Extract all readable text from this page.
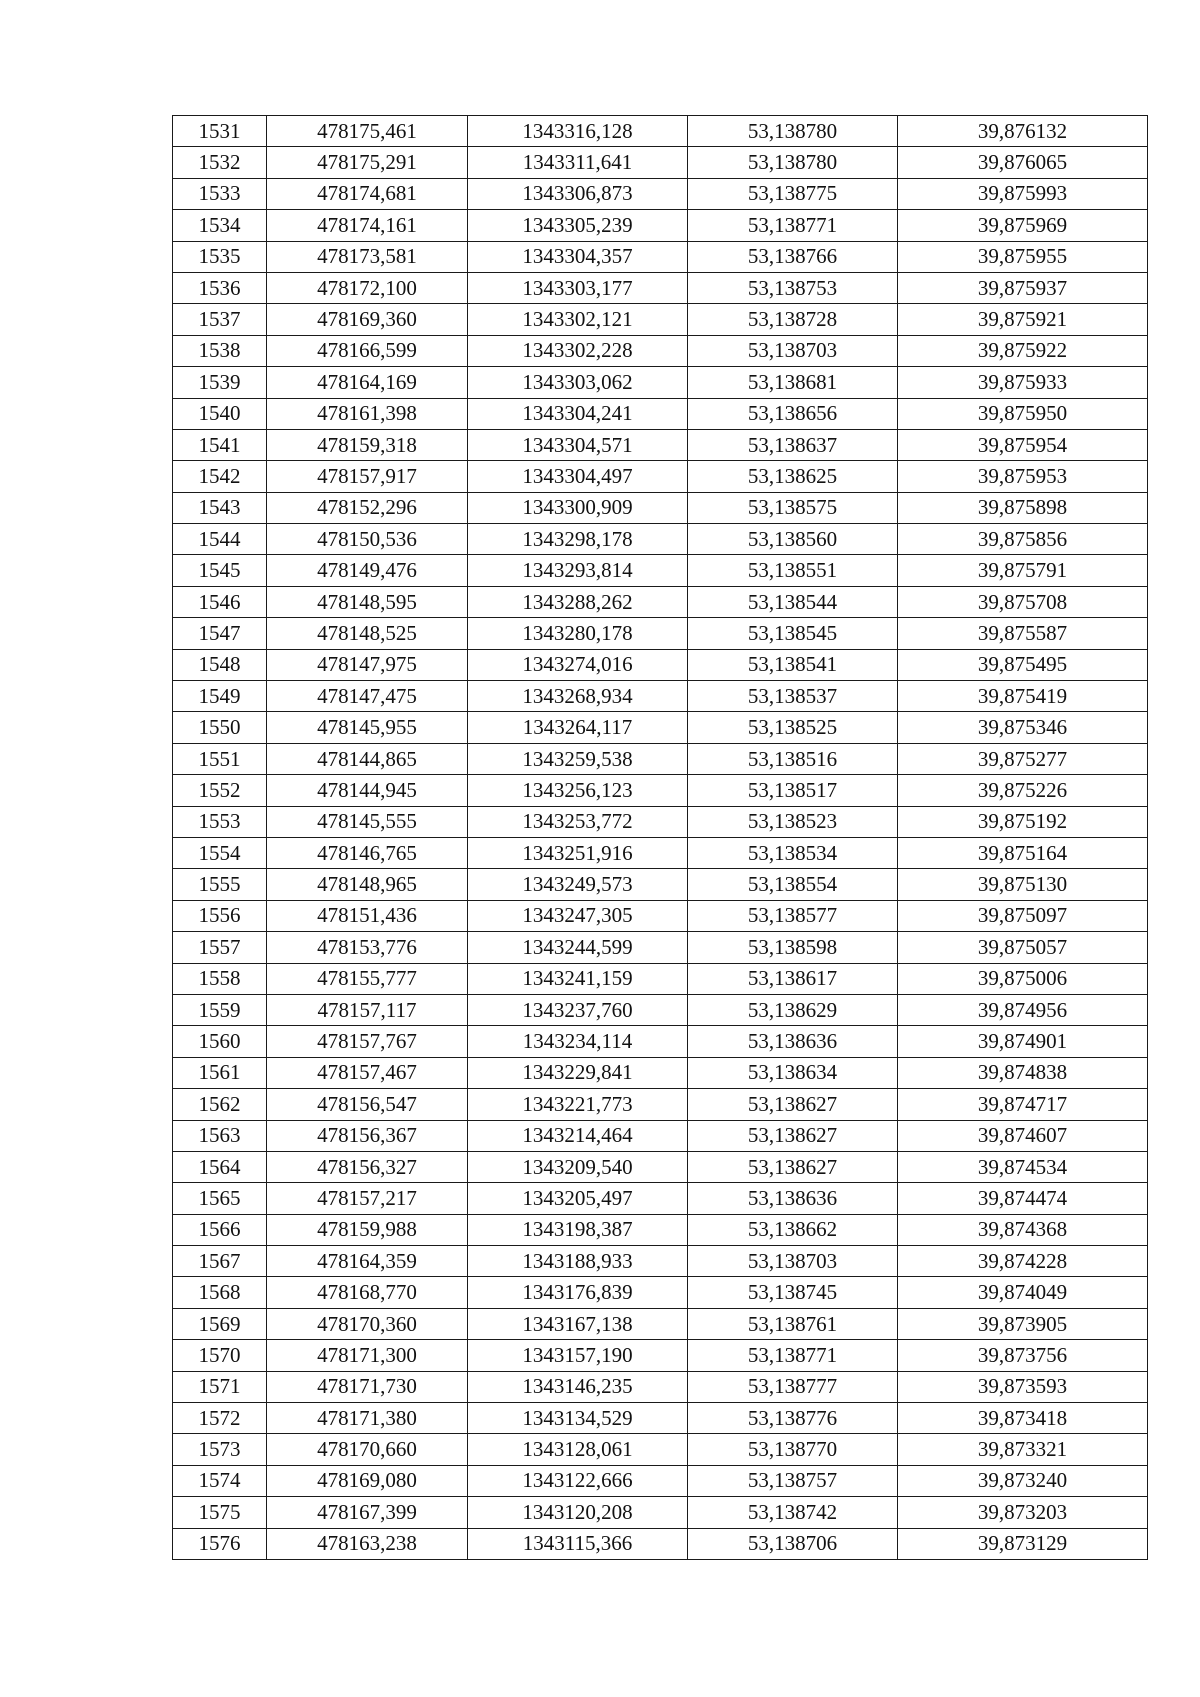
1531	478175,461	1343316,128	53,138780	39,876132
1532	478175,291	1343311,641	53,138780	39,876065
1533	478174,681	1343306,873	53,138775	39,875993
1534	478174,161	1343305,239	53,138771	39,875969
1535	478173,581	1343304,357	53,138766	39,875955
1536	478172,100	1343303,177	53,138753	39,875937
1537	478169,360	1343302,121	53,138728	39,875921
1538	478166,599	1343302,228	53,138703	39,875922
1539	478164,169	1343303,062	53,138681	39,875933
1540	478161,398	1343304,241	53,138656	39,875950
1541	478159,318	1343304,571	53,138637	39,875954
1542	478157,917	1343304,497	53,138625	39,875953
1543	478152,296	1343300,909	53,138575	39,875898
1544	478150,536	1343298,178	53,138560	39,875856
1545	478149,476	1343293,814	53,138551	39,875791
1546	478148,595	1343288,262	53,138544	39,875708
1547	478148,525	1343280,178	53,138545	39,875587
1548	478147,975	1343274,016	53,138541	39,875495
1549	478147,475	1343268,934	53,138537	39,875419
1550	478145,955	1343264,117	53,138525	39,875346
1551	478144,865	1343259,538	53,138516	39,875277
1552	478144,945	1343256,123	53,138517	39,875226
1553	478145,555	1343253,772	53,138523	39,875192
1554	478146,765	1343251,916	53,138534	39,875164
1555	478148,965	1343249,573	53,138554	39,875130
1556	478151,436	1343247,305	53,138577	39,875097
1557	478153,776	1343244,599	53,138598	39,875057
1558	478155,777	1343241,159	53,138617	39,875006
1559	478157,117	1343237,760	53,138629	39,874956
1560	478157,767	1343234,114	53,138636	39,874901
1561	478157,467	1343229,841	53,138634	39,874838
1562	478156,547	1343221,773	53,138627	39,874717
1563	478156,367	1343214,464	53,138627	39,874607
1564	478156,327	1343209,540	53,138627	39,874534
1565	478157,217	1343205,497	53,138636	39,874474
1566	478159,988	1343198,387	53,138662	39,874368
1567	478164,359	1343188,933	53,138703	39,874228
1568	478168,770	1343176,839	53,138745	39,874049
1569	478170,360	1343167,138	53,138761	39,873905
1570	478171,300	1343157,190	53,138771	39,873756
1571	478171,730	1343146,235	53,138777	39,873593
1572	478171,380	1343134,529	53,138776	39,873418
1573	478170,660	1343128,061	53,138770	39,873321
1574	478169,080	1343122,666	53,138757	39,873240
1575	478167,399	1343120,208	53,138742	39,873203
1576	478163,238	1343115,366	53,138706	39,873129
